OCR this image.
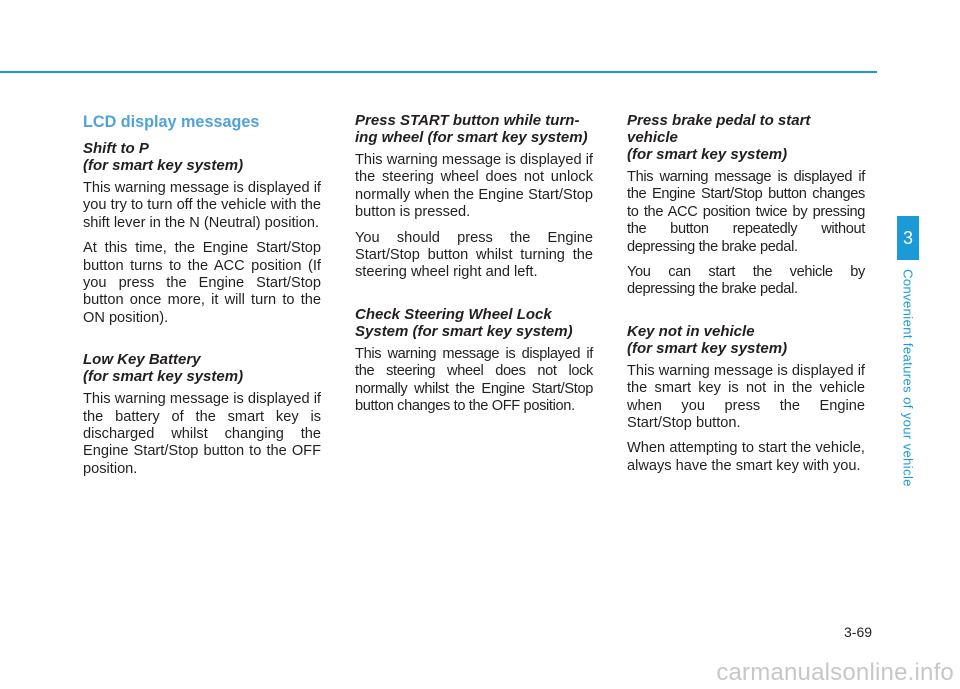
LCD display messages
Shift to P
(for smart key system)

This warning message is displayed if you try to turn off the vehicle with the shift lever in the N (Neutral) position.

At this time, the Engine Start/Stop button turns to the ACC position (If you press the Engine Start/Stop button once more, it will turn to the ON position).

Low Key Battery
(for smart key system)

This warning message is displayed if the battery of the smart key is discharged whilst changing the Engine Start/Stop button to the OFF position.

Press START button while turn-
ing wheel (for smart key system)

This warning message is displayed if the steering wheel does not unlock normally when the Engine Start/Stop button is pressed.

You should press the Engine Start/Stop button whilst turning the steering wheel right and left.

Check Steering Wheel Lock
System (for smart key system)

This warning message is displayed if the steering wheel does not lock normally whilst the Engine Start/Stop button changes to the OFF position.

Press brake pedal to start vehicle
(for smart key system)

This warning message is displayed if the Engine Start/Stop button changes to the ACC position twice by pressing the button repeatedly without depressing the brake pedal.

You can start the vehicle by depressing the brake pedal.

Key not in vehicle
(for smart key system)

This warning message is displayed if the smart key is not in the vehicle when you press the Engine Start/Stop button.

When attempting to start the vehicle, always have the smart key with you.

3
Convenient features of your vehicle
3-69
carmanualsonline.info
